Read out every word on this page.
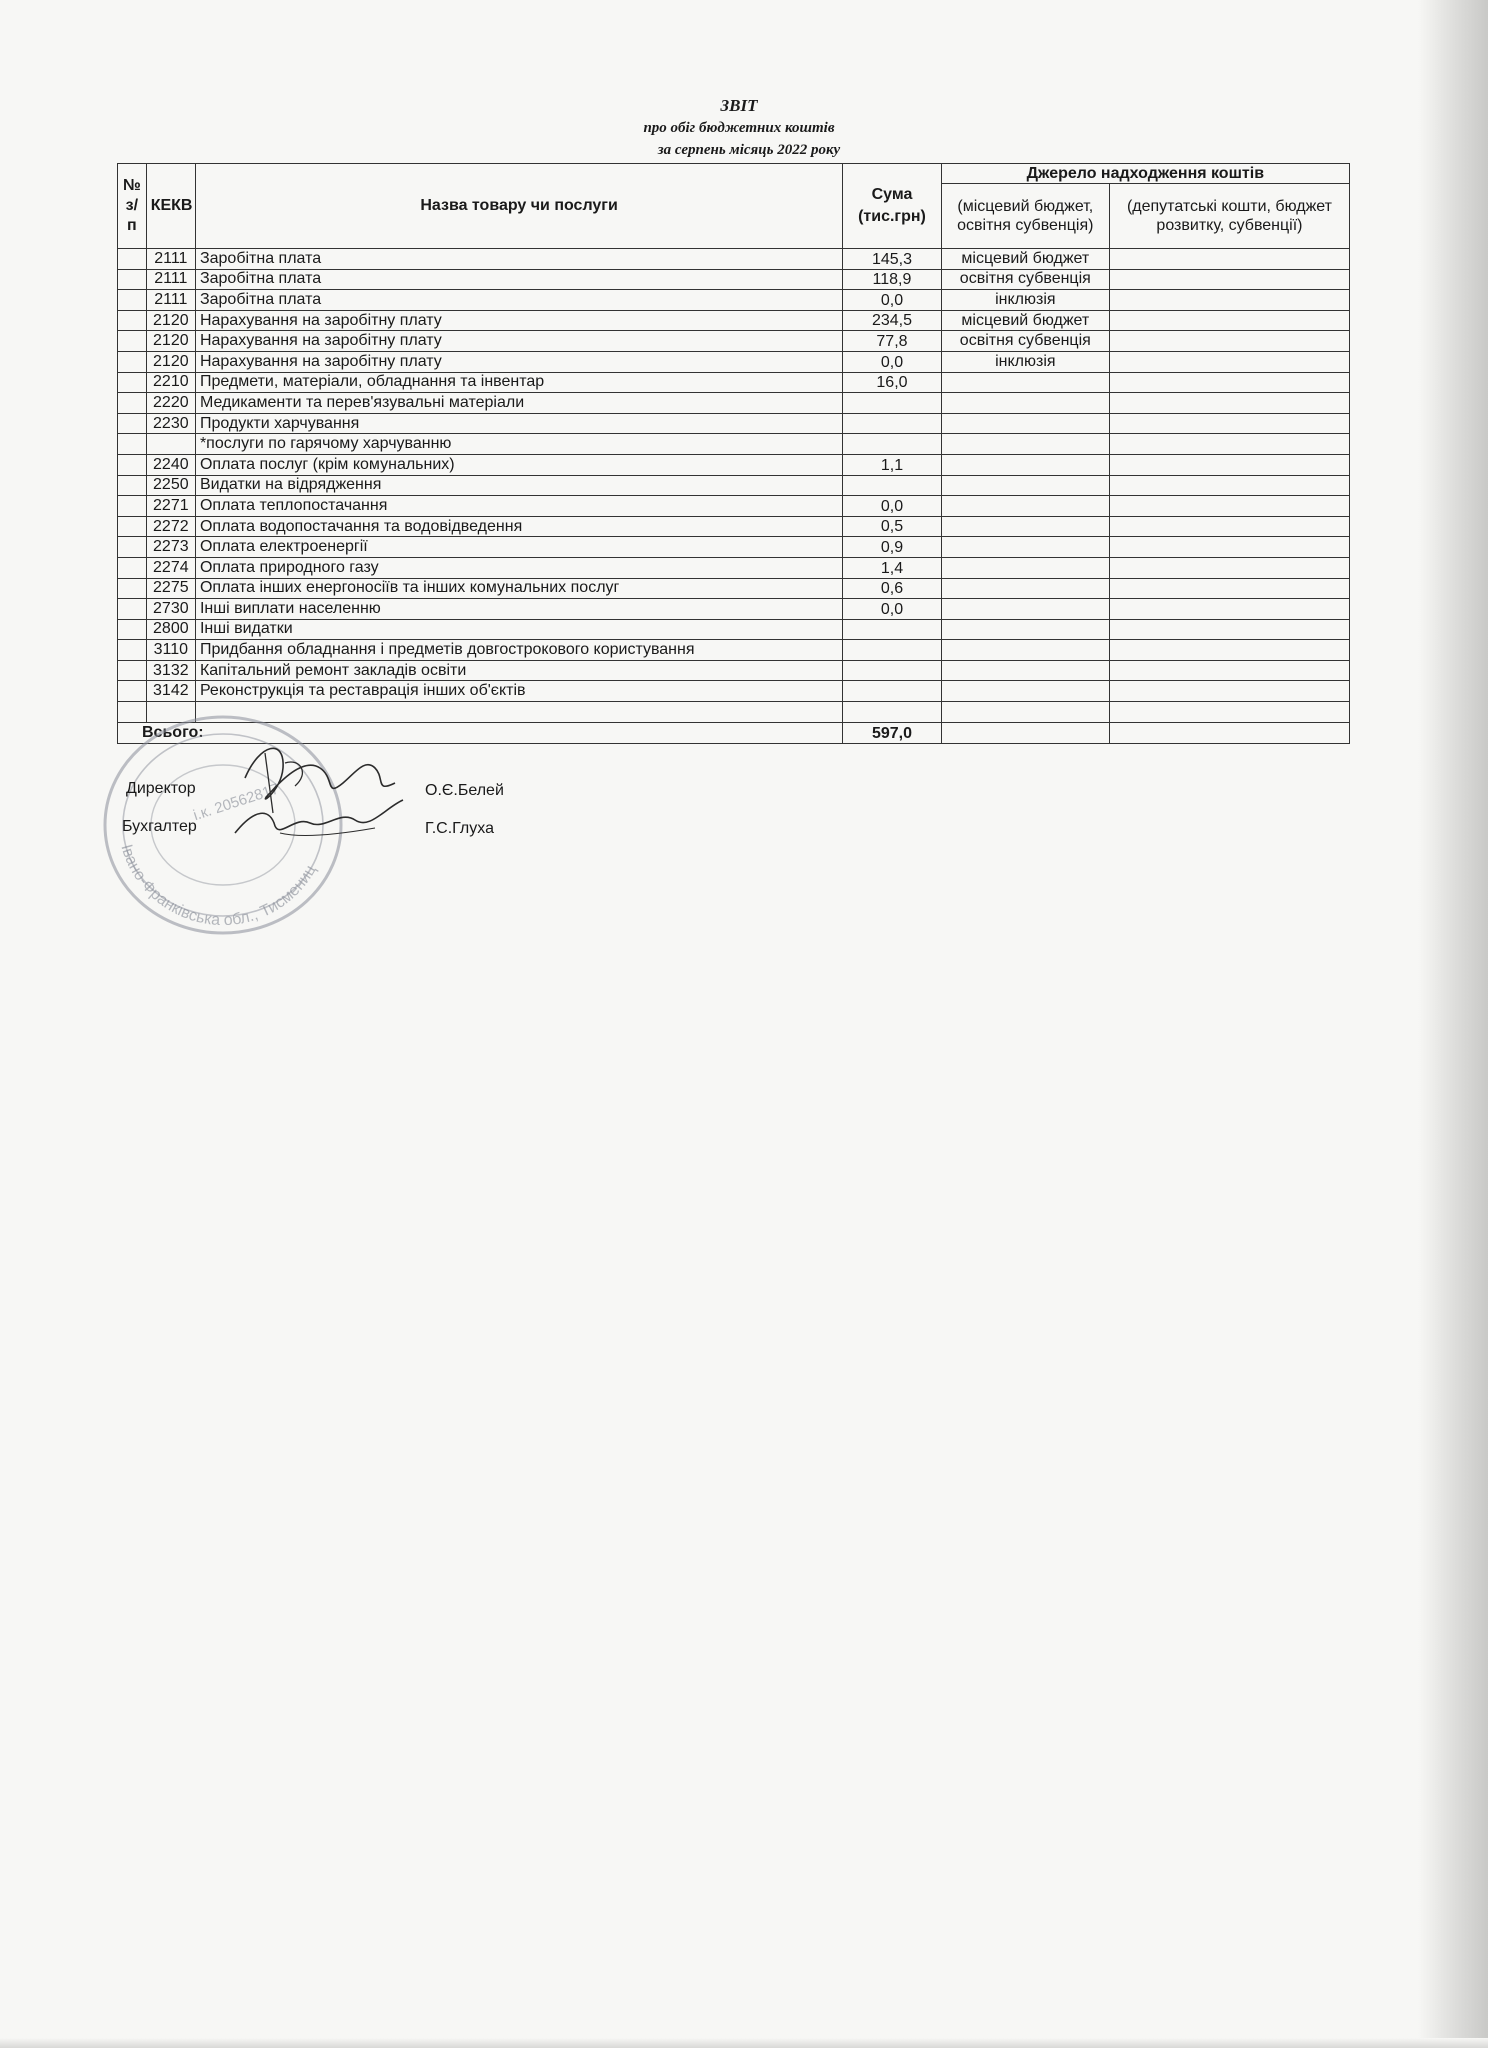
ЗВІТ
про обіг бюджетних коштів
за серпень місяць 2022 року
№ з/п	КЕКВ	Назва товару чи послуги	Сума (тис.грн)	Джерело надходження коштів	
				(місцевий бюджет, освітня субвенція)	(депутатські кошти, бюджет розвитку, субвенції)
	2111	Заробітна плата	145,3	місцевий бюджет	
	2111	Заробітна плата	118,9	освітня субвенція	
	2111	Заробітна плата	0,0	інклюзія	
	2120	Нарахування на заробітну плату	234,5	місцевий бюджет	
	2120	Нарахування на заробітну плату	77,8	освітня субвенція	
	2120	Нарахування на заробітну плату	0,0	інклюзія	
	2210	Предмети, матеріали, обладнання та інвентар	16,0		
	2220	Медикаменти та перев'язувальні матеріали			
	2230	Продукти харчування			
		*послуги по гарячому харчуванню			
	2240	Оплата послуг (крім комунальних)	1,1		
	2250	Видатки на відрядження			
	2271	Оплата теплопостачання	0,0		
	2272	Оплата водопостачання та водовідведення	0,5		
	2273	Оплата електроенергії	0,9		
	2274	Оплата природного газу	1,4		
	2275	Оплата інших енергоносіїв та інших комунальних послуг	0,6		
	2730	Інші виплати населенню	0,0		
	2800	Інші видатки			
	3110	Придбання обладнання і предметів довгострокового користування			
	3132	Капітальний ремонт закладів освіти			
	3142	Реконструкція та реставрація інших об'єктів			

Всього:			597,0		
Івано-Франківська обл., Тисмениц
і.к. 20562817
Директор	О.Є.Белей
Бухгалтер	Г.С.Глуха
